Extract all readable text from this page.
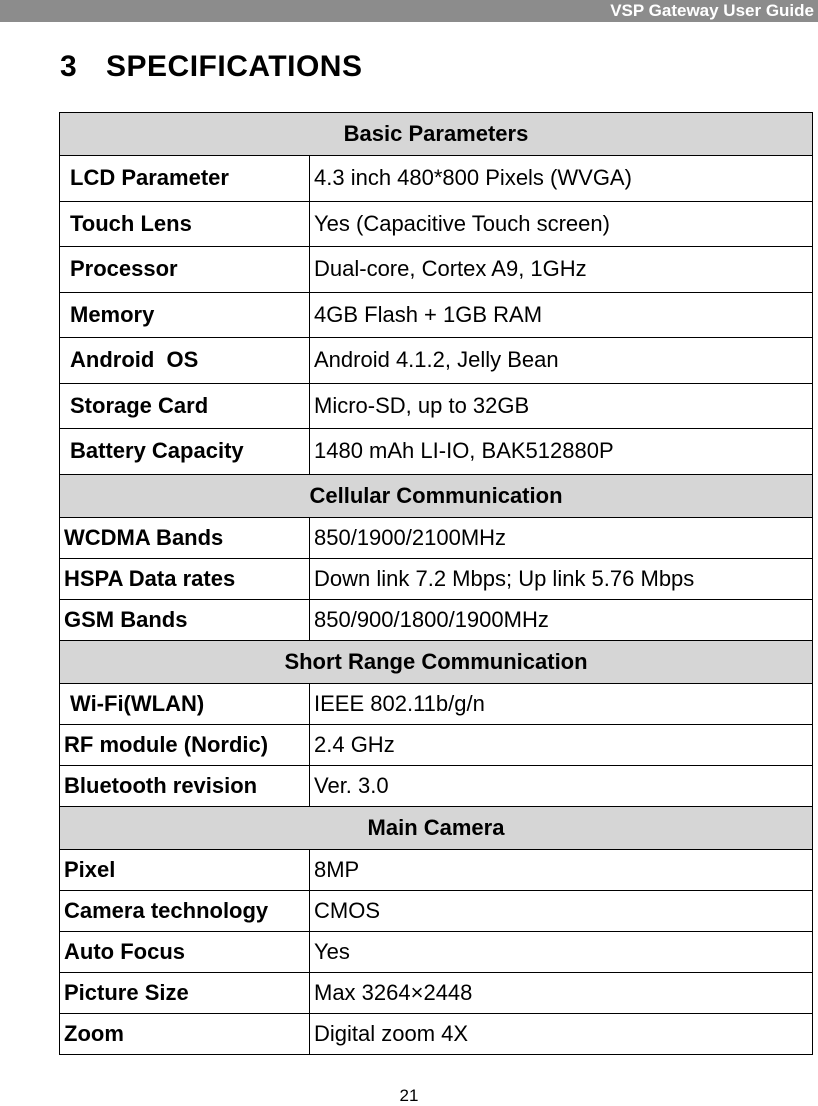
VSP Gateway User Guide
3 SPECIFICATIONS
Basic Parameters	
LCD Parameter	4.3 inch 480*800 Pixels (WVGA)
Touch Lens	Yes (Capacitive Touch screen)
Processor	Dual-core, Cortex A9, 1GHz
Memory	4GB Flash + 1GB RAM
Android  OS	Android 4.1.2, Jelly Bean
Storage Card	Micro-SD, up to 32GB
Battery Capacity	1480 mAh LI-IO, BAK512880P
Cellular Communication	
WCDMA Bands	850/1900/2100MHz
HSPA Data rates	Down link 7.2 Mbps; Up link 5.76 Mbps
GSM Bands	850/900/1800/1900MHz
Short Range Communication	
Wi-Fi(WLAN)	IEEE 802.11b/g/n
RF module (Nordic)	2.4 GHz
Bluetooth revision	Ver. 3.0
Main Camera	
Pixel	8MP
Camera technology	CMOS
Auto Focus	Yes
Picture Size	Max 3264×2448
Zoom	Digital zoom 4X
21
